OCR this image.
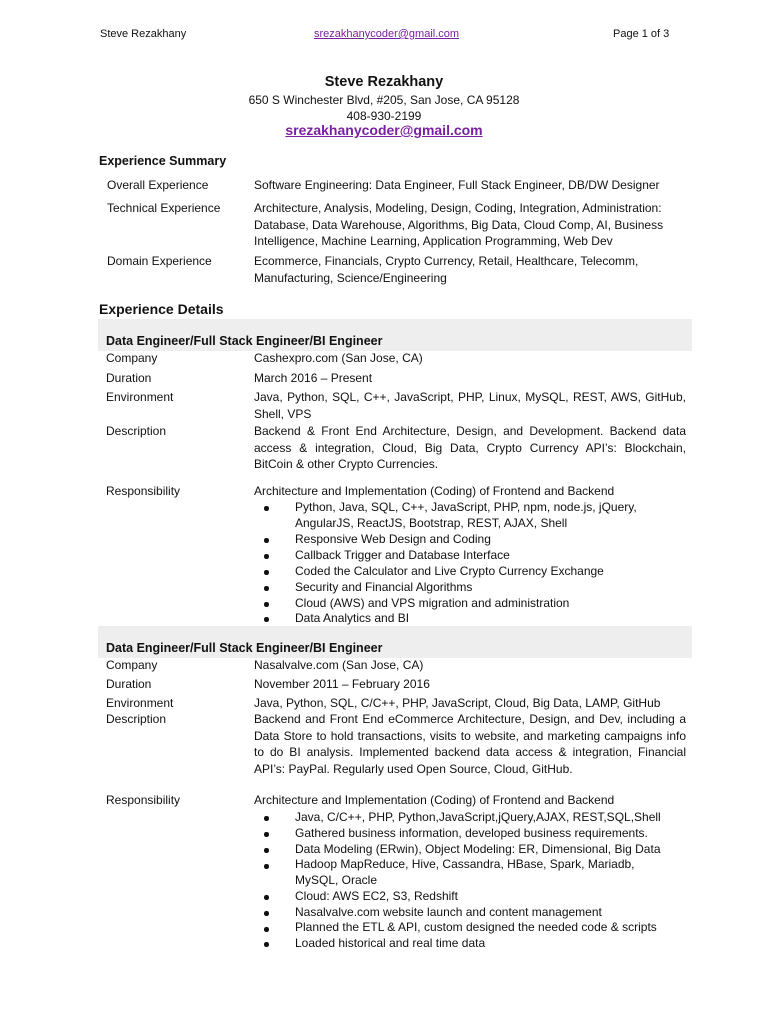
Steve Rezakhany	srezakhanycoder@gmail.com	Page 1 of 3
Steve Rezakhany
650 S Winchester Blvd, #205, San Jose, CA 95128
408-930-2199
srezakhanycoder@gmail.com
Experience Summary
Overall Experience	Software Engineering: Data Engineer, Full Stack Engineer, DB/DW Designer
Technical Experience	Architecture, Analysis, Modeling, Design, Coding, Integration, Administration: Database, Data Warehouse, Algorithms, Big Data, Cloud Comp, AI, Business Intelligence, Machine Learning, Application Programming, Web Dev
Domain Experience	Ecommerce, Financials, Crypto Currency, Retail, Healthcare, Telecomm, Manufacturing, Science/Engineering
Experience Details
Data Engineer/Full Stack Engineer/BI Engineer
Company	Cashexpro.com (San Jose, CA)
Duration	March 2016 – Present
Environment	Java, Python, SQL, C++, JavaScript, PHP, Linux, MySQL, REST, AWS, GitHub, Shell, VPS
Description	Backend & Front End Architecture, Design, and Development. Backend data access & integration, Cloud, Big Data, Crypto Currency API’s: Blockchain, BitCoin & other Crypto Currencies.
Responsibility	Architecture and Implementation (Coding) of Frontend and Backend
Python, Java, SQL, C++, JavaScript, PHP, npm, node.js, jQuery, AngularJS, ReactJS, Bootstrap, REST, AJAX, Shell
Responsive Web Design and Coding
Callback Trigger and Database Interface
Coded the Calculator and Live Crypto Currency Exchange
Security and Financial Algorithms
Cloud (AWS) and VPS migration and administration
Data Analytics and BI
Data Engineer/Full Stack Engineer/BI Engineer
Company	Nasalvalve.com (San Jose, CA)
Duration	November 2011 – February 2016
Environment	Java, Python, SQL, C/C++, PHP, JavaScript, Cloud, Big Data, LAMP, GitHub
Description	Backend and Front End eCommerce Architecture, Design, and Dev, including a Data Store to hold transactions, visits to website, and marketing campaigns info to do BI analysis. Implemented backend data access & integration, Financial API’s: PayPal. Regularly used Open Source, Cloud, GitHub.
Responsibility	Architecture and Implementation (Coding) of Frontend and Backend
Java, C/C++, PHP, Python,JavaScript,jQuery,AJAX, REST,SQL,Shell
Gathered business information, developed business requirements.
Data Modeling (ERwin), Object Modeling: ER, Dimensional, Big Data
Hadoop MapReduce, Hive, Cassandra, HBase, Spark, Mariadb, MySQL, Oracle
Cloud: AWS EC2, S3, Redshift
Nasalvalve.com website launch and content management
Planned the ETL & API, custom designed the needed code & scripts
Loaded historical and real time data
